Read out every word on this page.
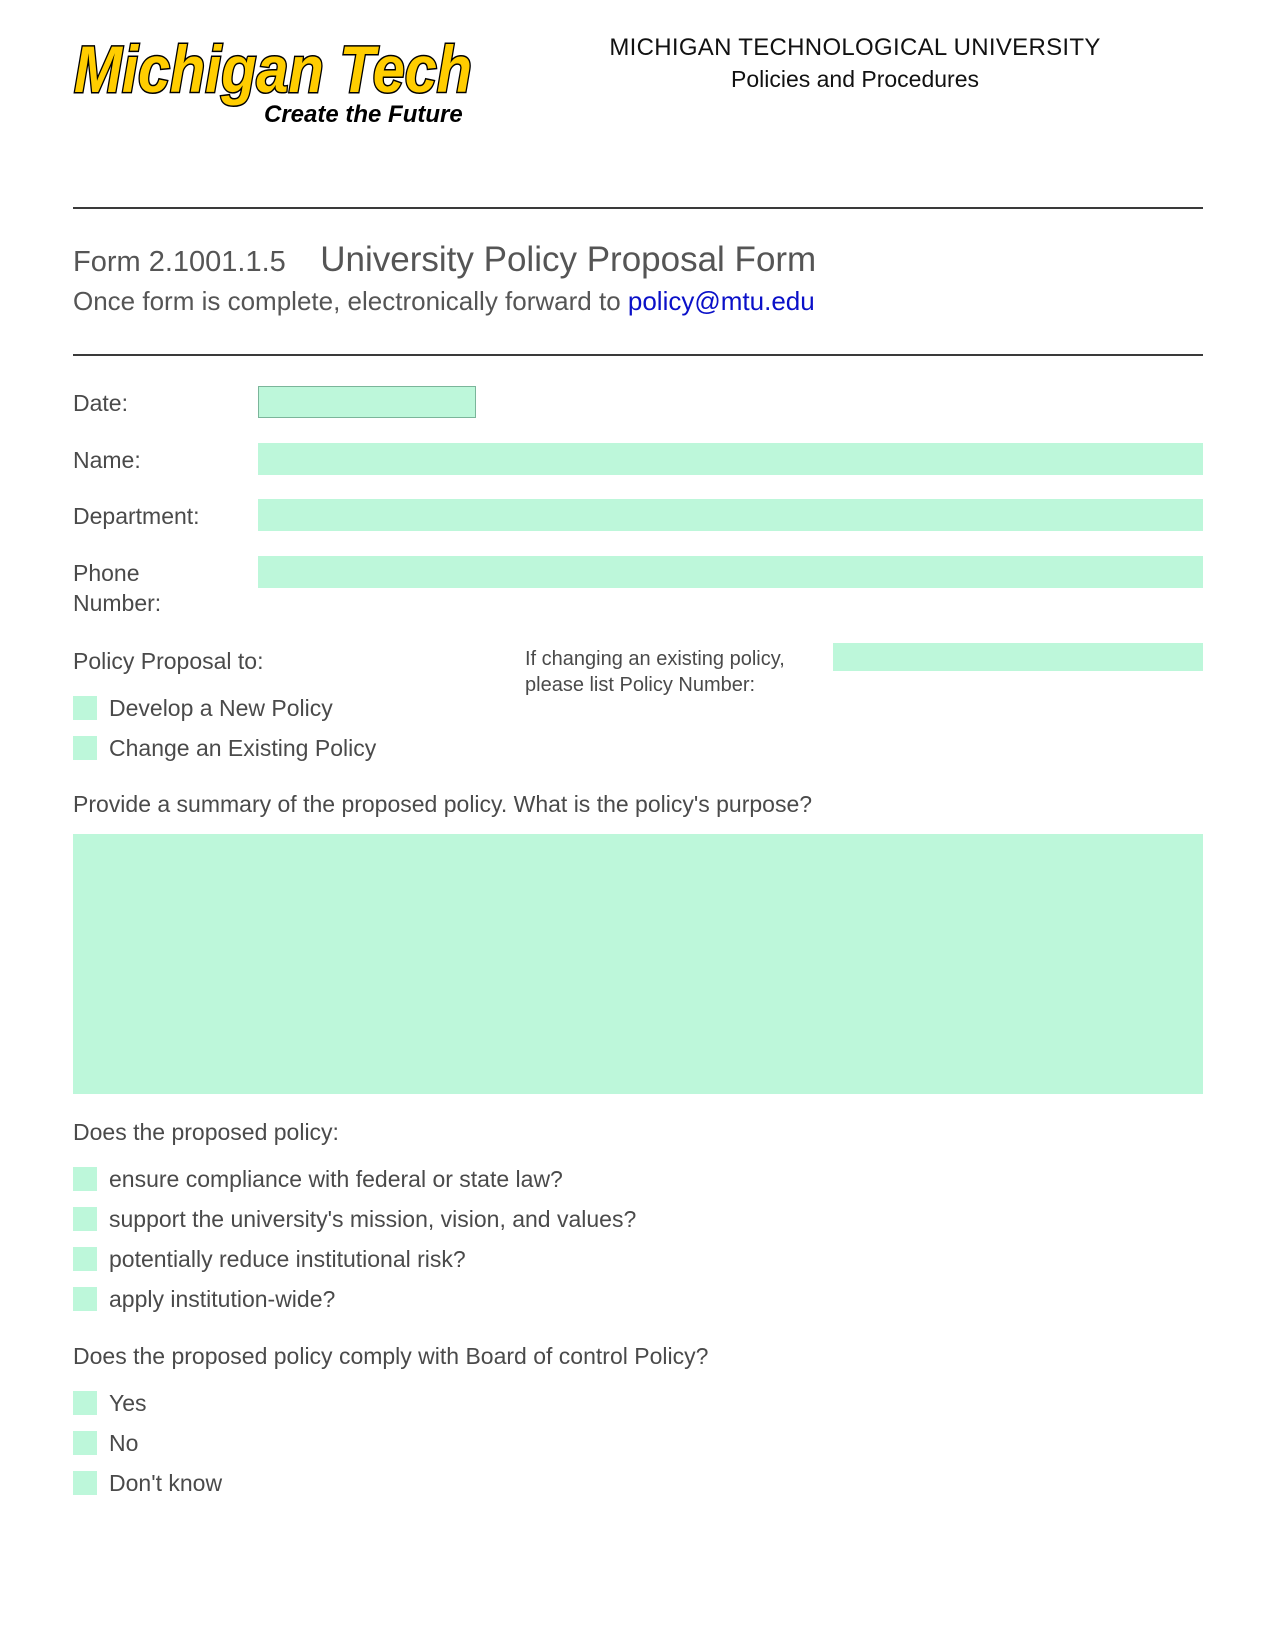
Michigan Tech
Create the Future
MICHIGAN TECHNOLOGICAL UNIVERSITY
Policies and Procedures
Form 2.1001.1.5 University Policy Proposal Form
Once form is complete, electronically forward to policy@mtu.edu
Date:
Name:
Department:
Phone
Number:
Policy Proposal to:	If changing an existing policy,
please list Policy Number:
Develop a New Policy
Change an Existing Policy
Provide a summary of the proposed policy. What is the policy's purpose?
Does the proposed policy:
ensure compliance with federal or state law?
support the university's mission, vision, and values?
potentially reduce institutional risk?
apply institution-wide?
Does the proposed policy comply with Board of control Policy?
Yes
No
Don't know
